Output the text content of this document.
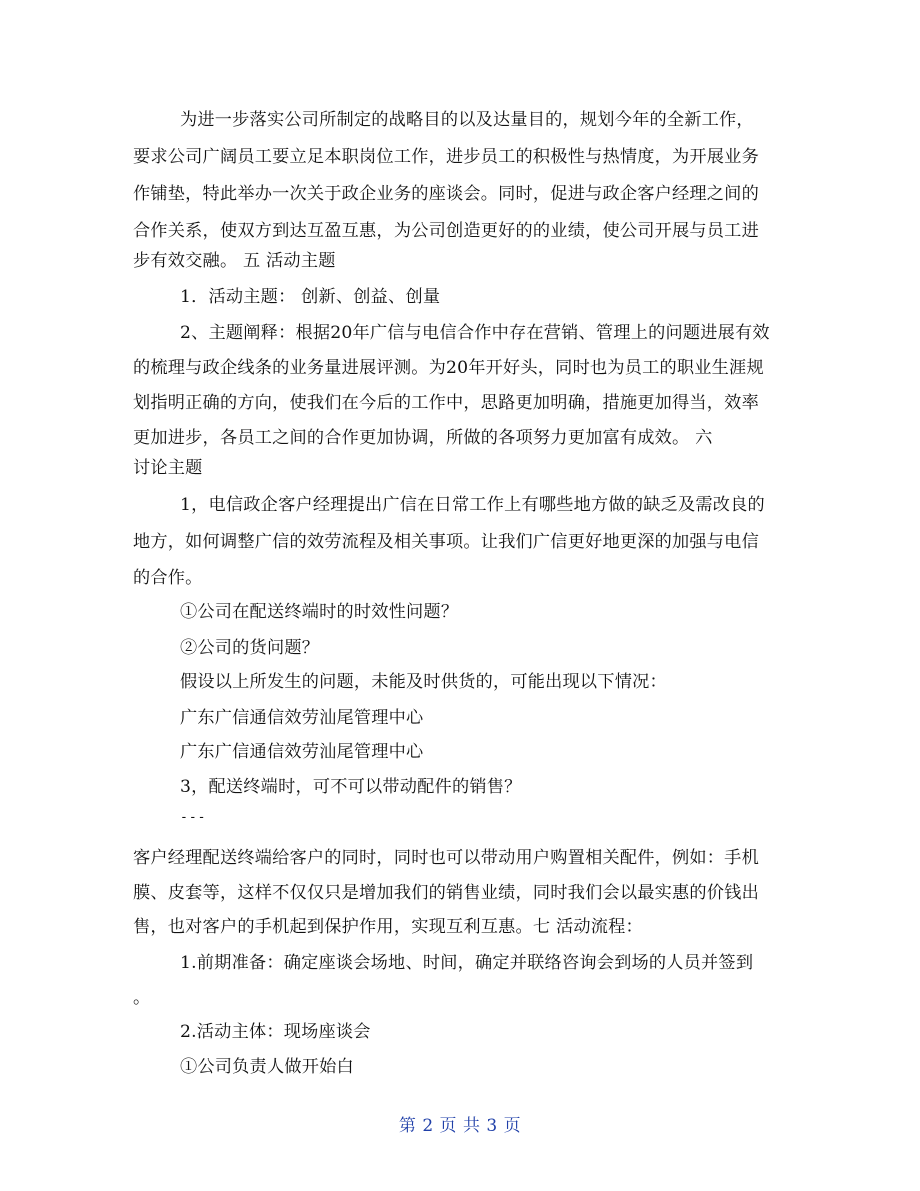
为进一步落实公司所制定的战略目的以及达量目的，规划今年的全新工作，
要求公司广阔员工要立足本职岗位工作，进步员工的积极性与热情度，为开展业务
作铺垫，特此举办一次关于政企业务的座谈会。同时，促进与政企客户经理之间的
合作关系，使双方到达互盈互惠，为公司创造更好的的业绩，使公司开展与员工进
步有效交融。 五 活动主题
1．活动主题： 创新、创益、创量
2、主题阐释：根据20年广信与电信合作中存在营销、管理上的问题进展有效
的梳理与政企线条的业务量进展评测。为20年开好头，同时也为员工的职业生涯规
划指明正确的方向，使我们在今后的工作中，思路更加明确，措施更加得当，效率
更加进步，各员工之间的合作更加协调，所做的各项努力更加富有成效。 六
讨论主题
1，电信政企客户经理提出广信在日常工作上有哪些地方做的缺乏及需改良的
地方，如何调整广信的效劳流程及相关事项。让我们广信更好地更深的加强与电信
的合作。
①公司在配送终端时的时效性问题？
②公司的货问题？
假设以上所发生的问题，未能及时供货的，可能出现以下情况：
广东广信通信效劳汕尾管理中心
广东广信通信效劳汕尾管理中心
3，配送终端时，可不可以带动配件的销售？
---
客户经理配送终端给客户的同时，同时也可以带动用户购置相关配件，例如：手机
膜、皮套等，这样不仅仅只是增加我们的销售业绩，同时我们会以最实惠的价钱出
售，也对客户的手机起到保护作用，实现互利互惠。七 活动流程：
1.前期准备：确定座谈会场地、时间，确定并联络咨询会到场的人员并签到
。
2.活动主体：现场座谈会
①公司负责人做开始白
第 2 页 共 3 页
